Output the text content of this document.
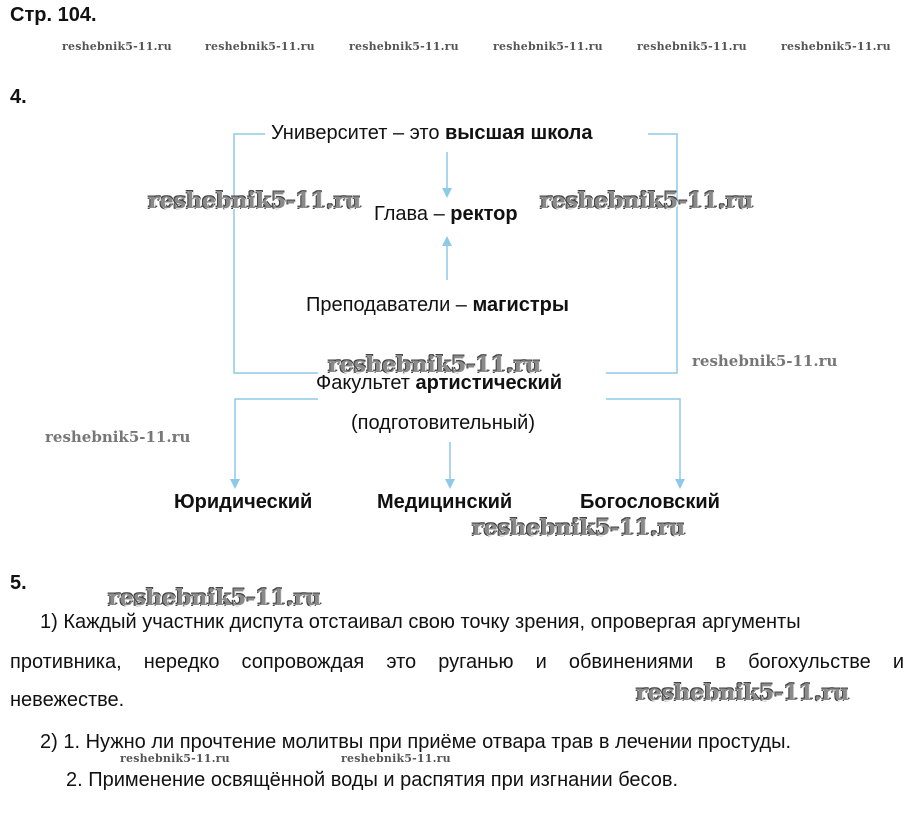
Стр. 104.
reshebnik5-11.ru	reshebnik5-11.ru	reshebnik5-11.ru	reshebnik5-11.ru	reshebnik5-11.ru	reshebnik5-11.ru
4.
Университет – это высшая школа
Глава – ректор
Преподаватели – магистры
Факультет артистический
(подготовительный)
Юридический	Медицинский	Богословский
reshebnik5-11.ru	reshebnik5-11.ru
reshebnik5-11.ru	reshebnik5-11.ru
reshebnik5-11.ru
reshebnik5-11.ru
5.
reshebnik5-11.ru
1) Каждый участник диспута отстаивал свою точку зрения, опровергая аргументы
противника, нередко сопровождая это руганью и обвинениями в богохульстве и
невежестве.	reshebnik5-11.ru
2) 1. Нужно ли прочтение молитвы при приёме отвара трав в лечении простуды.
reshebnik5-11.ru	reshebnik5-11.ru
2. Применение освящённой воды и распятия при изгнании бесов.
